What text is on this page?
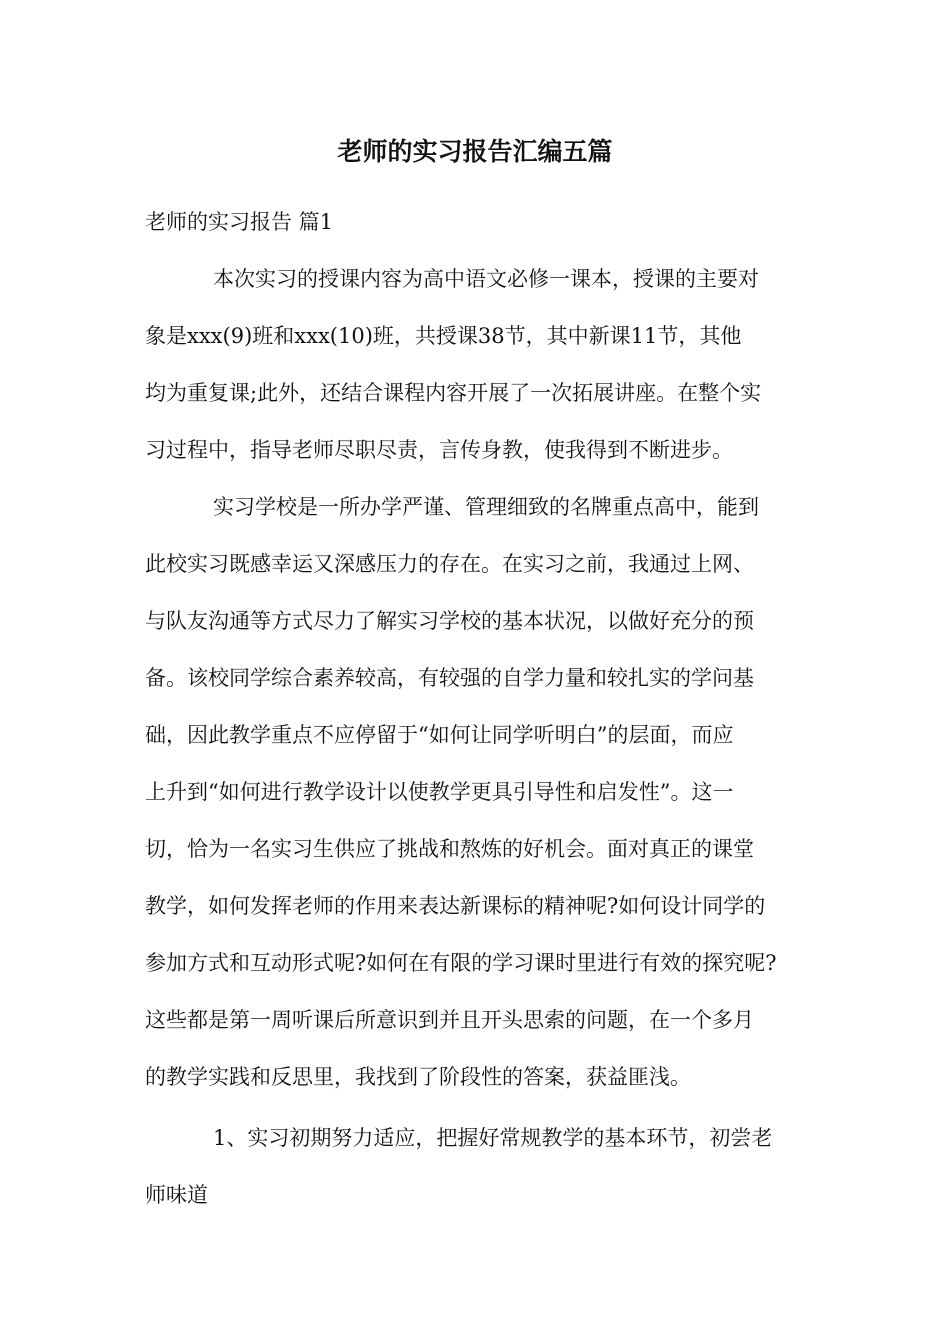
老师的实习报告汇编五篇
老师的实习报告 篇1
本次实习的授课内容为高中语文必修一课本，授课的主要对
象是xxx(9)班和xxx(10)班，共授课38节，其中新课11节，其他
均为重复课;此外，还结合课程内容开展了一次拓展讲座。在整个实
习过程中，指导老师尽职尽责，言传身教，使我得到不断进步。
实习学校是一所办学严谨、管理细致的名牌重点高中，能到
此校实习既感幸运又深感压力的存在。在实习之前，我通过上网、
与队友沟通等方式尽力了解实习学校的基本状况，以做好充分的预
备。该校同学综合素养较高，有较强的自学力量和较扎实的学问基
础，因此教学重点不应停留于“如何让同学听明白”的层面，而应
上升到“如何进行教学设计以使教学更具引导性和启发性”。这一
切，恰为一名实习生供应了挑战和熬炼的好机会。面对真正的课堂
教学，如何发挥老师的作用来表达新课标的精神呢?如何设计同学的
参加方式和互动形式呢?如何在有限的学习课时里进行有效的探究呢?
这些都是第一周听课后所意识到并且开头思索的问题，在一个多月
的教学实践和反思里，我找到了阶段性的答案，获益匪浅。
1、实习初期努力适应，把握好常规教学的基本环节，初尝老
师味道
